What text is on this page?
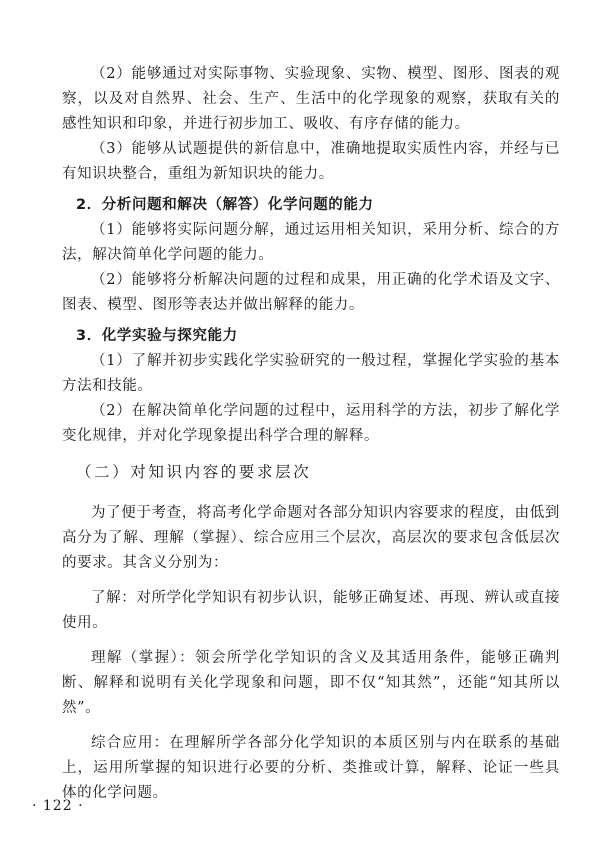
（2）能够通过对实际事物、实验现象、实物、模型、图形、图表的观察，以及对自然界、社会、生产、生活中的化学现象的观察，获取有关的感性知识和印象，并进行初步加工、吸收、有序存储的能力。

（3）能够从试题提供的新信息中，准确地提取实质性内容，并经与已有知识块整合，重组为新知识块的能力。

2．分析问题和解决（解答）化学问题的能力

（1）能够将实际问题分解，通过运用相关知识，采用分析、综合的方法，解决简单化学问题的能力。

（2）能够将分析解决问题的过程和成果，用正确的化学术语及文字、图表、模型、图形等表达并做出解释的能力。

3．化学实验与探究能力

（1）了解并初步实践化学实验研究的一般过程，掌握化学实验的基本方法和技能。

（2）在解决简单化学问题的过程中，运用科学的方法，初步了解化学变化规律，并对化学现象提出科学合理的解释。

（二）对知识内容的要求层次

为了便于考查，将高考化学命题对各部分知识内容要求的程度，由低到高分为了解、理解（掌握）、综合应用三个层次，高层次的要求包含低层次的要求。其含义分别为：

了解：对所学化学知识有初步认识，能够正确复述、再现、辨认或直接使用。

理解（掌握）：领会所学化学知识的含义及其适用条件，能够正确判断、解释和说明有关化学现象和问题，即不仅“知其然”，还能“知其所以然”。

综合应用：在理解所学各部分化学知识的本质区别与内在联系的基础上，运用所掌握的知识进行必要的分析、类推或计算，解释、论证一些具体的化学问题。

· 122 ·
